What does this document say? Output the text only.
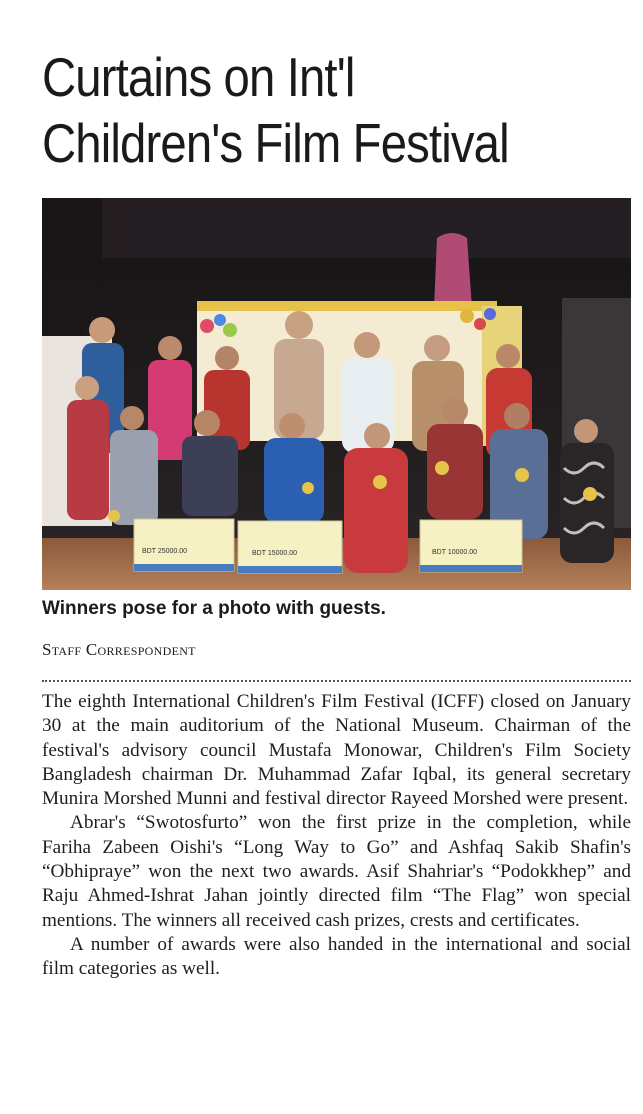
Curtains on Int'l
Children's Film Festival
BDT 25000.00	BDT 15000.00	BDT 10000.00

Winners pose for a photo with guests.

Staff Correspondent

The eighth International Children's Film Festival (ICFF) closed on January 30 at the main auditorium of the National Museum. Chairman of the festival's advisory council Mustafa Monowar, Children's Film Society Bangladesh chairman Dr. Muhammad Zafar Iqbal, its general secretary Munira Morshed Munni and festival director Rayeed Morshed were present.

Abrar's “Swotosfurto” won the first prize in the completion, while Fariha Zabeen Oishi's “Long Way to Go” and Ashfaq Sakib Shafin's “Obhipraye” won the next two awards. Asif Shahriar's “Podokkhep” and Raju Ahmed-Ishrat Jahan jointly directed film “The Flag” won special mentions. The winners all received cash prizes, crests and certificates.

A number of awards were also handed in the international and social film categories as well.
